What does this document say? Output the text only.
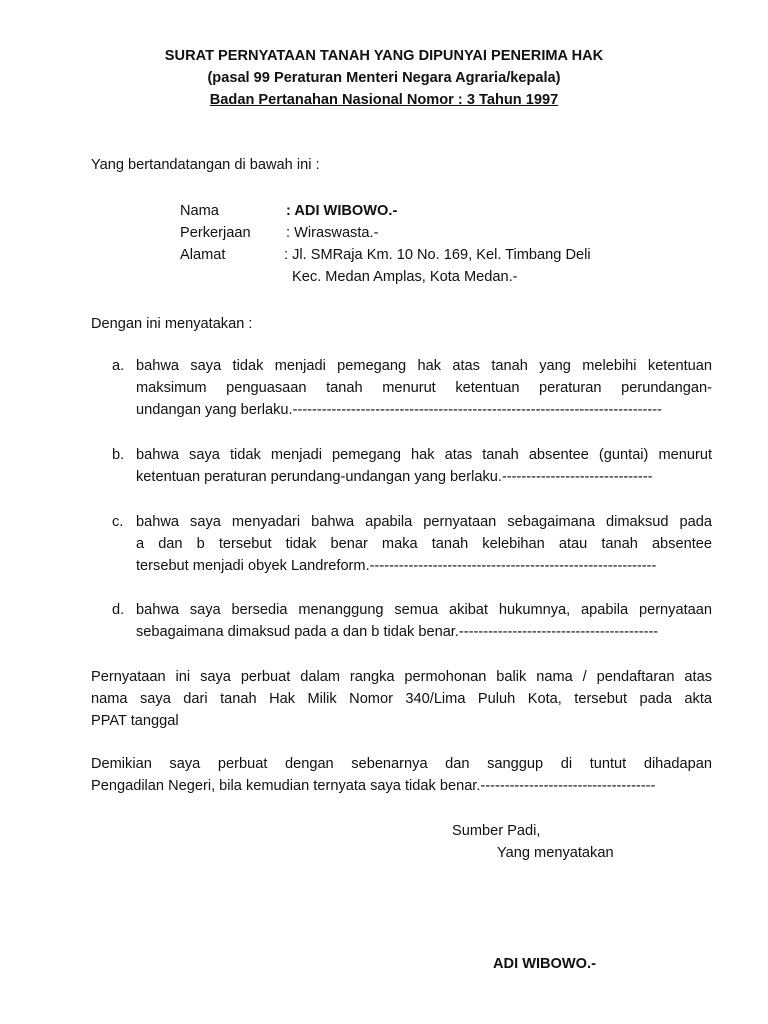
SURAT PERNYATAAN TANAH YANG DIPUNYAI PENERIMA HAK
(pasal 99 Peraturan Menteri Negara Agraria/kepala)
Badan Pertanahan Nasional Nomor : 3 Tahun 1997
Yang bertandatangan di bawah ini :
Nama	: ADI WIBOWO.-
Perkerjaan : Wiraswasta.-
Alamat	: Jl. SMRaja Km. 10 No. 169, Kel. Timbang Deli
Kec. Medan Amplas, Kota Medan.-
Dengan ini menyatakan :
a. bahwa saya tidak menjadi pemegang hak atas tanah yang melebihi ketentuan
maksimum penguasaan tanah menurut ketentuan peraturan perundangan-
undangan yang berlaku.----------------------------------------------------------------------------
b. bahwa saya tidak menjadi pemegang hak atas tanah absentee (guntai) menurut
ketentuan peraturan perundang-undangan yang berlaku.-------------------------------
c. bahwa saya menyadari bahwa apabila pernyataan sebagaimana dimaksud pada
a dan b tersebut tidak benar maka tanah kelebihan atau tanah absentee
tersebut menjadi obyek Landreform.-----------------------------------------------------------
d. bahwa saya bersedia menanggung semua akibat hukumnya, apabila pernyataan
sebagaimana dimaksud pada a dan b tidak benar.-----------------------------------------
Pernyataan ini saya perbuat dalam rangka permohonan balik nama / pendaftaran atas
nama saya dari tanah Hak Milik Nomor 340/Lima Puluh Kota, tersebut pada akta
PPAT tanggal
Demikian saya perbuat dengan sebenarnya dan sanggup di tuntut dihadapan
Pengadilan Negeri, bila kemudian ternyata saya tidak benar.------------------------------------
Sumber Padi,
Yang menyatakan
ADI WIBOWO.-
